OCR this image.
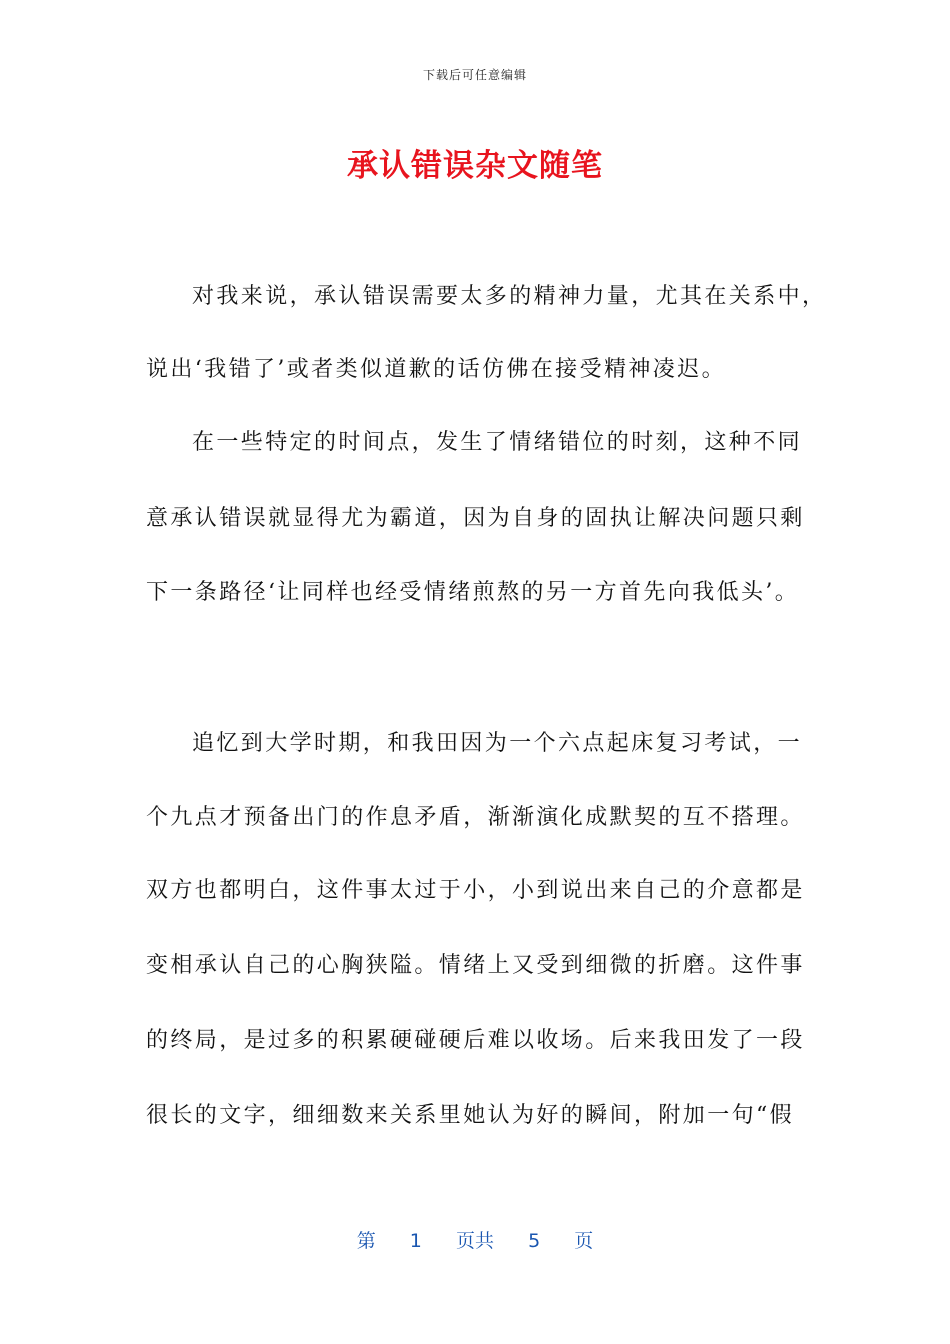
下载后可任意编辑
承认错误杂文随笔
对我来说，承认错误需要太多的精神力量，尤其在关系中，
说出‘我错了’或者类似道歉的话仿佛在接受精神凌迟。
在一些特定的时间点，发生了情绪错位的时刻，这种不同
意承认错误就显得尤为霸道，因为自身的固执让解决问题只剩
下一条路径‘让同样也经受情绪煎熬的另一方首先向我低头’。
追忆到大学时期，和我田因为一个六点起床复习考试，一
个九点才预备出门的作息矛盾，渐渐演化成默契的互不搭理。
双方也都明白，这件事太过于小，小到说出来自己的介意都是
变相承认自己的心胸狭隘。情绪上又受到细微的折磨。这件事
的终局，是过多的积累硬碰硬后难以收场。后来我田发了一段
很长的文字，细细数来关系里她认为好的瞬间，附加一句“假
第 1 页共 5 页
